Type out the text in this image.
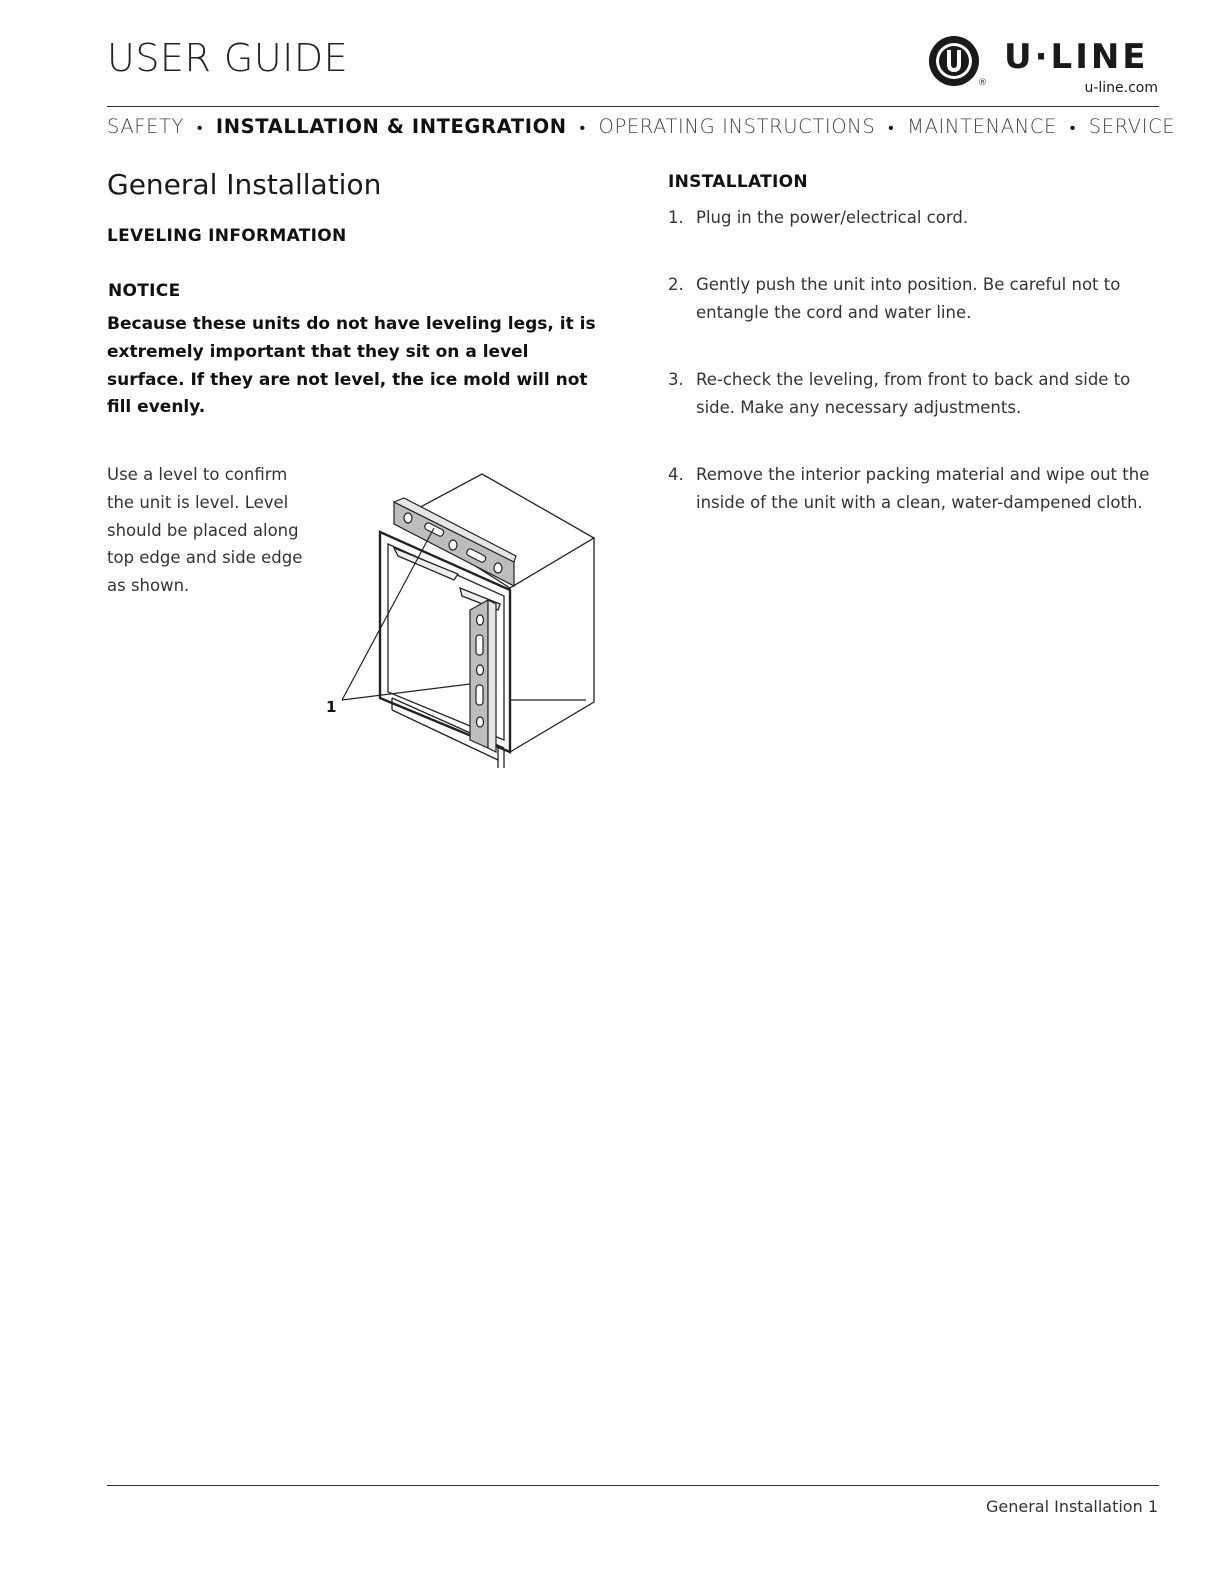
USER GUIDE
®
U·LINE
u-line.com
SAFETY • INSTALLATION & INTEGRATION • OPERATING INSTRUCTIONS • MAINTENANCE • SERVICE
General Installation
LEVELING INFORMATION
NOTICE
Because these units do not have leveling legs, it is extremely important that they sit on a level surface. If they are not level, the ice mold will not fill evenly.
Use a level to confirm
the unit is level. Level
should be placed along
top edge and side edge
as shown.
1
INSTALLATION
1. Plug in the power/electrical cord.
2. Gently push the unit into position. Be careful not to
entangle the cord and water line.
3. Re-check the leveling, from front to back and side to
side. Make any necessary adjustments.
4. Remove the interior packing material and wipe out the
inside of the unit with a clean, water-dampened cloth.
General Installation 1
